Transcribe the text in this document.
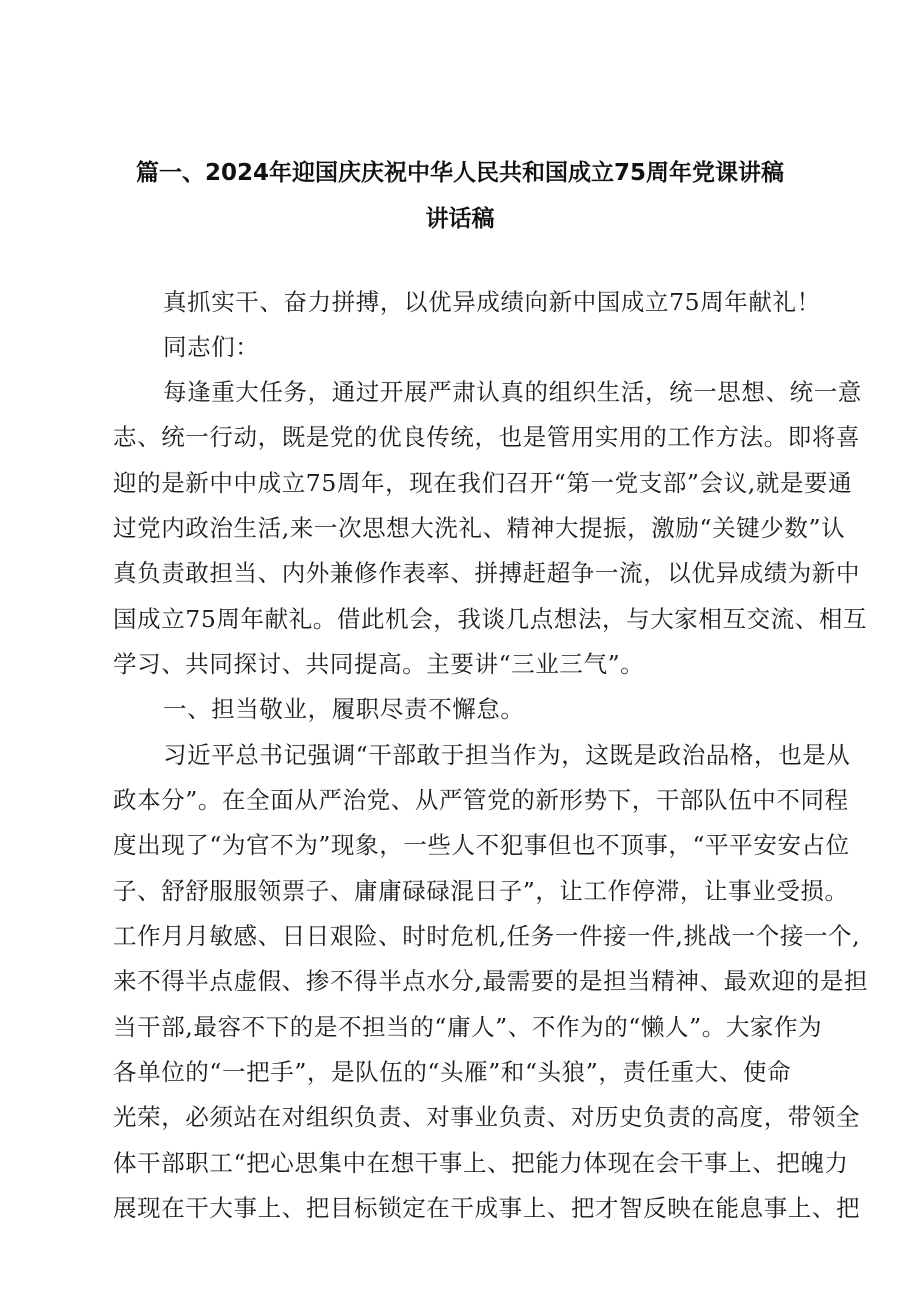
篇一、2024年迎国庆庆祝中华人民共和国成立75周年党课讲稿
讲话稿
真抓实干、奋力拼搏，以优异成绩向新中国成立75周年献礼！
同志们：
每逢重大任务，通过开展严肃认真的组织生活，统一思想、统一意
志、统一行动，既是党的优良传统，也是管用实用的工作方法。即将喜
迎的是新中中成立75周年，现在我们召开“第一党支部”会议,就是要通
过党内政治生活,来一次思想大洗礼、精神大提振，激励“关键少数”认
真负责敢担当、内外兼修作表率、拼搏赶超争一流，以优异成绩为新中
国成立75周年献礼。借此机会，我谈几点想法，与大家相互交流、相互
学习、共同探讨、共同提高。主要讲“三业三气”。
一、担当敬业，履职尽责不懈怠。
习近平总书记强调“干部敢于担当作为，这既是政治品格，也是从
政本分”。在全面从严治党、从严管党的新形势下，干部队伍中不同程
度出现了“为官不为”现象，一些人不犯事但也不顶事，“平平安安占位
子、舒舒服服领票子、庸庸碌碌混日子”，让工作停滞，让事业受损。
工作月月敏感、日日艰险、时时危机,任务一件接一件,挑战一个接一个,
来不得半点虚假、掺不得半点水分,最需要的是担当精神、最欢迎的是担
当干部,最容不下的是不担当的“庸人”、不作为的“懒人”。大家作为
各单位的“一把手”，是队伍的“头雁”和“头狼”，责任重大、使命
光荣，必须站在对组织负责、对事业负责、对历史负责的高度，带领全
体干部职工“把心思集中在想干事上、把能力体现在会干事上、把魄力
展现在干大事上、把目标锁定在干成事上、把才智反映在能息事上、把
